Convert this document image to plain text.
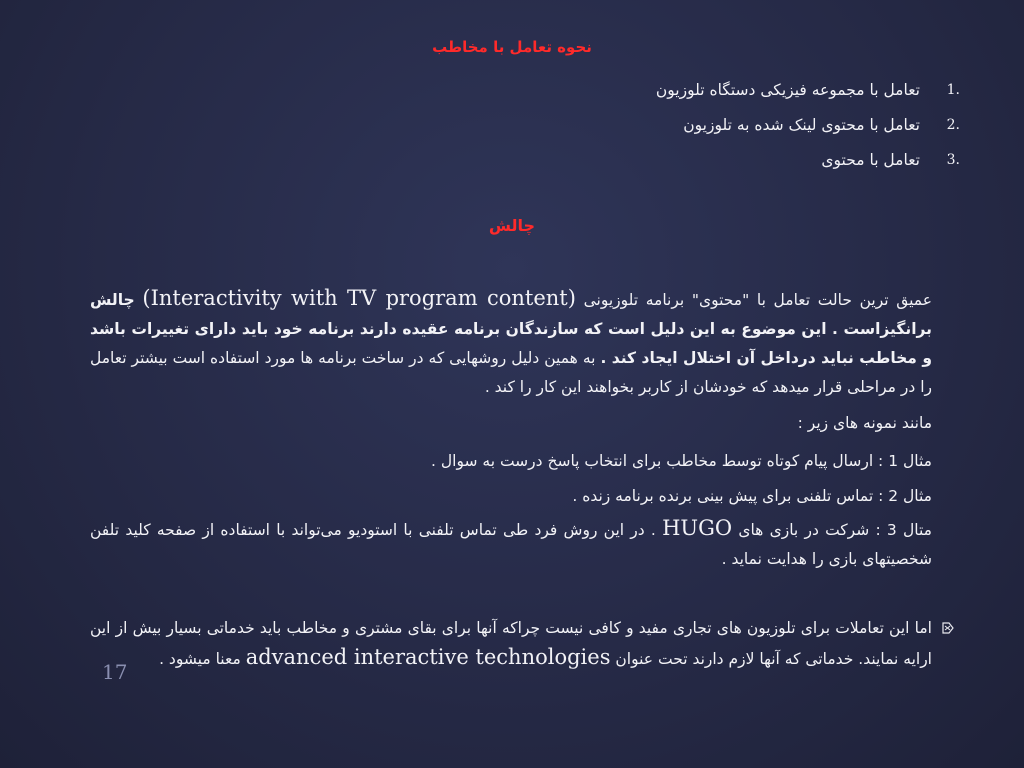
نحوه تعامل با مخاطب
1.
تعامل با مجموعه فیزیکی دستگاه تلوزیون
2.
تعامل با محتوی لینک شده به تلوزیون
3.
تعامل با محتوی
چالش
عمیق ترین حالت تعامل با "محتوی" برنامه تلوزیونی (Interactivity with TV program content) چالش برانگیزاست . این موضوع به این دلیل است که سازندگان برنامه عقیده دارند برنامه خود باید دارای تغییرات باشد و مخاطب نباید درداخل آن اختلال ایجاد کند . به همین دلیل روشهایی که در ساخت برنامه ها مورد استفاده است بیشتر تعامل را در مراحلی قرار میدهد که خودشان از کاربر بخواهند این کار را کند .
مانند نمونه های زیر :
مثال 1 : ارسال پیام کوتاه توسط مخاطب برای انتخاب پاسخ درست به سوال .
مثال 2 : تماس تلفنی برای پیش بینی برنده برنامه زنده .
متال 3 : شرکت در بازی های HUGO . در این روش فرد طی تماس تلفنی با استودیو می‌تواند با استفاده از صفحه کلید تلفن شخصیتهای بازی را هدایت نماید .
اما این تعاملات برای تلوزیون های تجاری مفید و کافی نیست چراکه آنها برای بقای مشتری و مخاطب باید خدماتی بسیار بیش از این ارایه نمایند. خدماتی که آنها لازم دارند تحت عنوان advanced interactive technologies معنا میشود .
17
